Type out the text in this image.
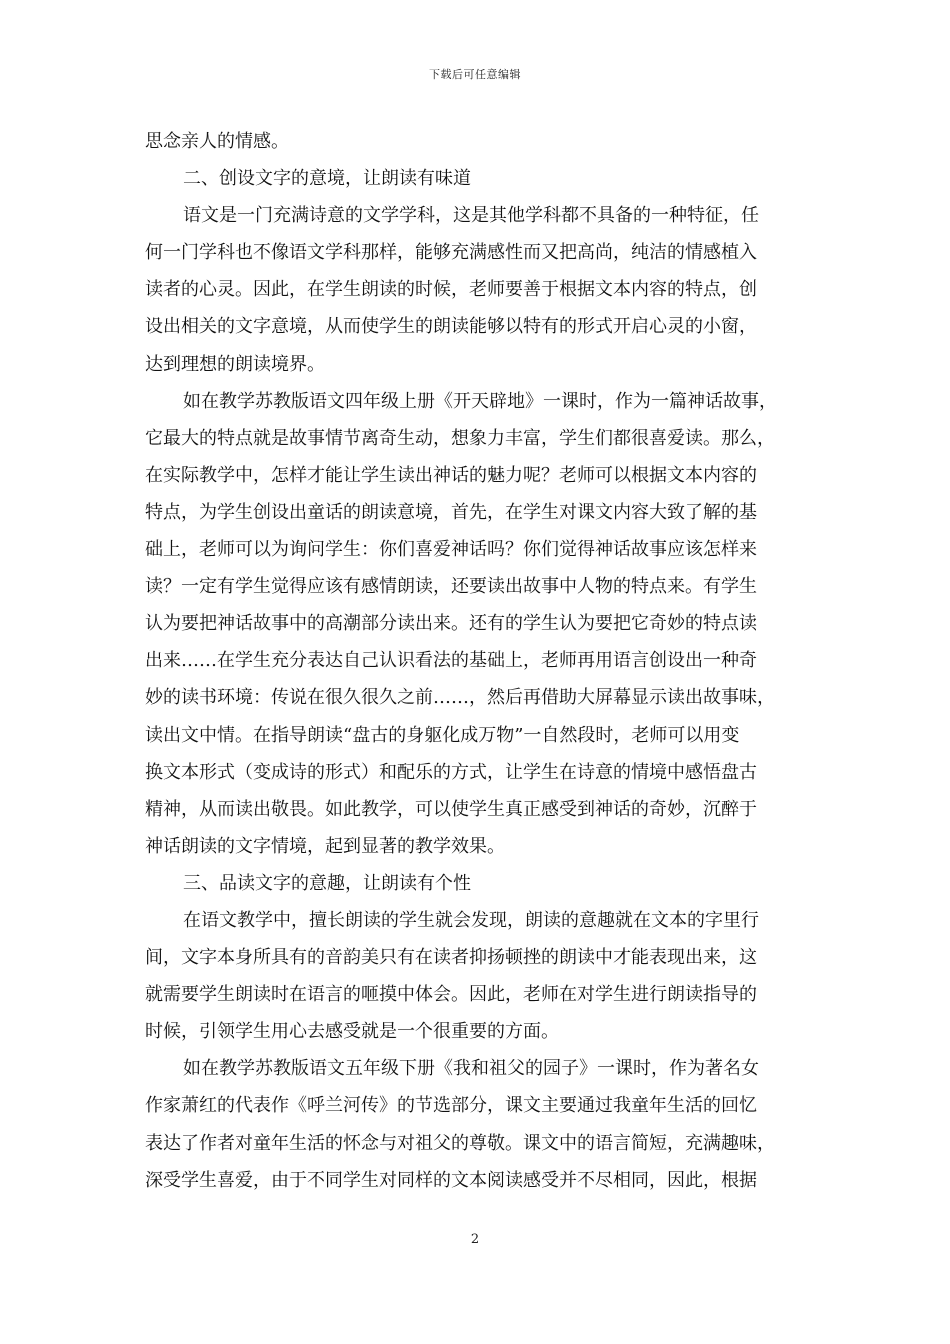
下载后可任意编辑
思念亲人的情感。
二、创设文字的意境，让朗读有味道
语文是一门充满诗意的文学学科，这是其他学科都不具备的一种特征，任
何一门学科也不像语文学科那样，能够充满感性而又把高尚，纯洁的情感植入
读者的心灵。因此，在学生朗读的时候，老师要善于根据文本内容的特点，创
设出相关的文字意境，从而使学生的朗读能够以特有的形式开启心灵的小窗，
达到理想的朗读境界。
如在教学苏教版语文四年级上册《开天辟地》一课时，作为一篇神话故事，
它最大的特点就是故事情节离奇生动，想象力丰富，学生们都很喜爱读。那么，
在实际教学中，怎样才能让学生读出神话的魅力呢？老师可以根据文本内容的
特点，为学生创设出童话的朗读意境，首先，在学生对课文内容大致了解的基
础上，老师可以为询问学生：你们喜爱神话吗？你们觉得神话故事应该怎样来
读？一定有学生觉得应该有感情朗读，还要读出故事中人物的特点来。有学生
认为要把神话故事中的高潮部分读出来。还有的学生认为要把它奇妙的特点读
出来……在学生充分表达自己认识看法的基础上，老师再用语言创设出一种奇
妙的读书环境：传说在很久很久之前……，然后再借助大屏幕显示读出故事味，
读出文中情。在指导朗读“盘古的身躯化成万物”一自然段时，老师可以用变
换文本形式（变成诗的形式）和配乐的方式，让学生在诗意的情境中感悟盘古
精神，从而读出敬畏。如此教学，可以使学生真正感受到神话的奇妙，沉醉于
神话朗读的文字情境，起到显著的教学效果。
三、品读文字的意趣，让朗读有个性
在语文教学中，擅长朗读的学生就会发现，朗读的意趣就在文本的字里行
间，文字本身所具有的音韵美只有在读者抑扬顿挫的朗读中才能表现出来，这
就需要学生朗读时在语言的咂摸中体会。因此，老师在对学生进行朗读指导的
时候，引领学生用心去感受就是一个很重要的方面。
如在教学苏教版语文五年级下册《我和祖父的园子》一课时，作为著名女
作家萧红的代表作《呼兰河传》的节选部分，课文主要通过我童年生活的回忆
表达了作者对童年生活的怀念与对祖父的尊敬。课文中的语言简短，充满趣味，
深受学生喜爱，由于不同学生对同样的文本阅读感受并不尽相同，因此，根据
2
